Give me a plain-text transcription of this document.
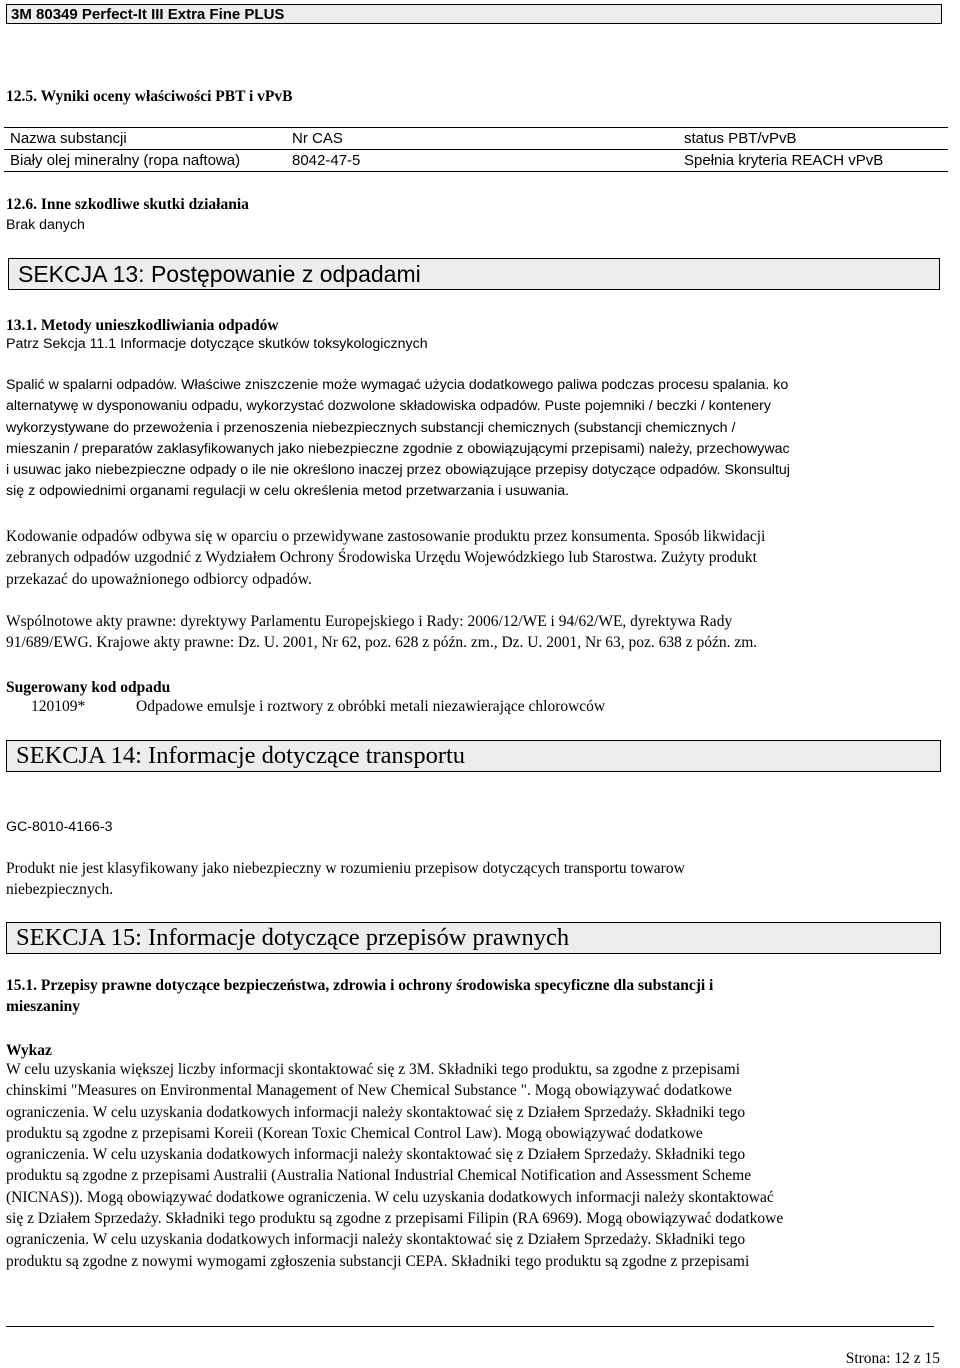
3M 80349 Perfect-It III Extra Fine PLUS
12.5. Wyniki oceny właściwości PBT i vPvB
Nazwa substancji	Nr CAS	status PBT/vPvB
Biały olej mineralny (ropa naftowa)	8042-47-5	Spełnia kryteria REACH vPvB
12.6. Inne szkodliwe skutki działania
Brak danych
SEKCJA 13: Postępowanie z odpadami
13.1. Metody unieszkodliwiania odpadów
Patrz Sekcja 11.1 Informacje dotyczące skutków toksykologicznych
Spalić w spalarni odpadów. Właściwe zniszczenie może wymagać użycia dodatkowego paliwa podczas procesu spalania. ko
alternatywę w dysponowaniu odpadu, wykorzystać dozwolone składowiska odpadów. Puste pojemniki / beczki / kontenery
wykorzystywane do przewożenia i przenoszenia niebezpiecznych substancji chemicznych (substancji chemicznych /
mieszanin / preparatów zaklasyfikowanych jako niebezpieczne zgodnie z obowiązującymi przepisami) należy, przechowywac
i usuwac jako niebezpieczne odpady o ile nie określono inaczej przez obowiązujące przepisy dotyczące odpadów. Skonsultuj
się z odpowiednimi organami regulacji w celu określenia metod przetwarzania i usuwania.
Kodowanie odpadów odbywa się w oparciu o przewidywane zastosowanie produktu przez konsumenta. Sposób likwidacji
zebranych odpadów uzgodnić z Wydziałem Ochrony Środowiska Urzędu Wojewódzkiego lub Starostwa. Zużyty produkt
przekazać do upoważnionego odbiorcy odpadów.
Wspólnotowe akty prawne: dyrektywy Parlamentu Europejskiego i Rady: 2006/12/WE i 94/62/WE, dyrektywa Rady
91/689/EWG. Krajowe akty prawne: Dz. U. 2001, Nr 62, poz. 628 z późn. zm., Dz. U. 2001, Nr 63, poz. 638 z późn. zm.
Sugerowany kod odpadu
120109*	Odpadowe emulsje i roztwory z obróbki metali niezawierające chlorowców
SEKCJA 14: Informacje dotyczące transportu
GC-8010-4166-3
Produkt nie jest klasyfikowany jako niebezpieczny w rozumieniu przepisow dotyczących transportu towarow
niebezpiecznych.
SEKCJA 15: Informacje dotyczące przepisów prawnych
15.1. Przepisy prawne dotyczące bezpieczeństwa, zdrowia i ochrony środowiska specyficzne dla substancji i
mieszaniny
Wykaz
W celu uzyskania większej liczby informacji skontaktować się z 3M. Składniki tego produktu, sa zgodne z przepisami
chinskimi "Measures on Environmental Management of New Chemical Substance ". Mogą obowiązywać dodatkowe
ograniczenia. W celu uzyskania dodatkowych informacji należy skontaktować się z Działem Sprzedaży. Składniki tego
produktu są zgodne z przepisami Koreii (Korean Toxic Chemical Control Law). Mogą obowiązywać dodatkowe
ograniczenia. W celu uzyskania dodatkowych informacji należy skontaktować się z Działem Sprzedaży. Składniki tego
produktu są zgodne z przepisami Australii (Australia National Industrial Chemical Notification and Assessment Scheme
(NICNAS)). Mogą obowiązywać dodatkowe ograniczenia. W celu uzyskania dodatkowych informacji należy skontaktować
się z Działem Sprzedaży. Składniki tego produktu są zgodne z przepisami Filipin (RA 6969). Mogą obowiązywać dodatkowe
ograniczenia. W celu uzyskania dodatkowych informacji należy skontaktować się z Działem Sprzedaży. Składniki tego
produktu są zgodne z nowymi wymogami zgłoszenia substancji CEPA. Składniki tego produktu są zgodne z przepisami
Strona: 12 z 15
